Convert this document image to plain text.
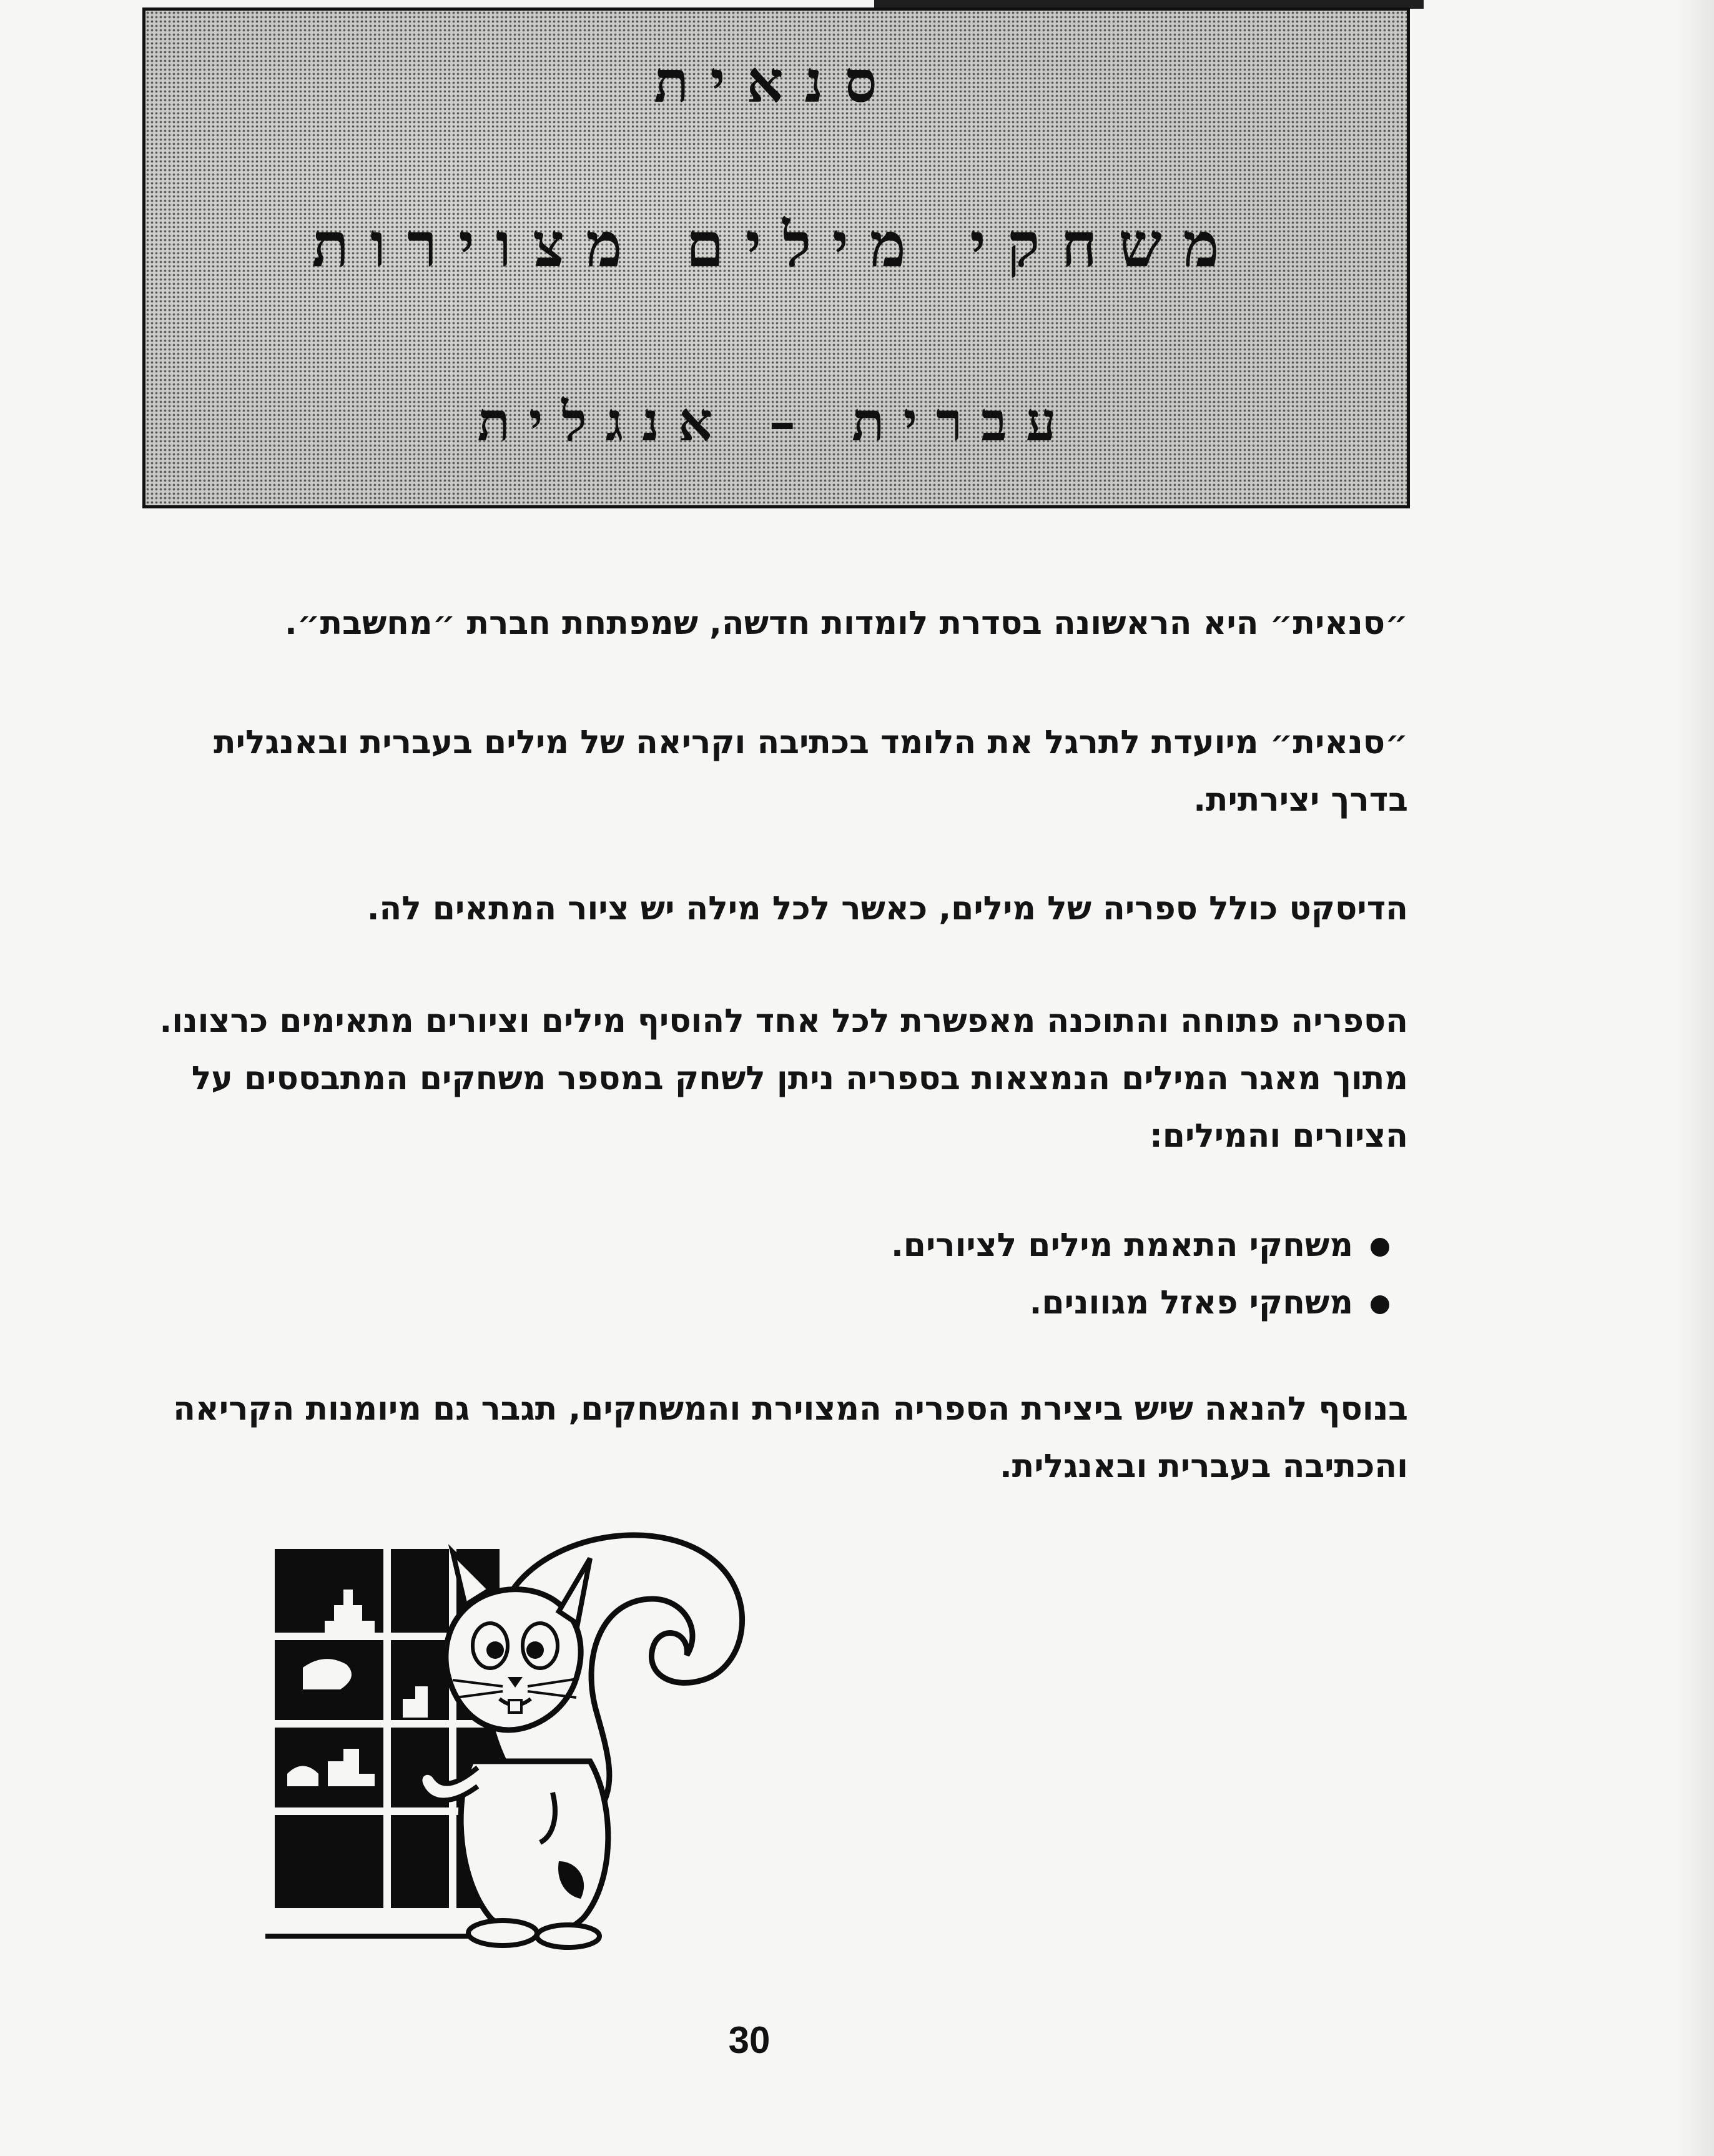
סנאית
משחקי מילים מצוירות
עברית – אנגלית
״סנאית״ היא הראשונה בסדרת לומדות חדשה, שמפתחת חברת ״מחשבת״.
״סנאית״ מיועדת לתרגל את הלומד בכתיבה וקריאה של מילים בעברית ובאנגלית
בדרך יצירתית.
הדיסקט כולל ספריה של מילים, כאשר לכל מילה יש ציור המתאים לה.
הספריה פתוחה והתוכנה מאפשרת לכל אחד להוסיף מילים וציורים מתאימים כרצונו.
מתוך מאגר המילים הנמצאות בספריה ניתן לשחק במספר משחקים המתבססים על
הציורים והמילים:
משחקי התאמת מילים לציורים.
משחקי פאזל מגוונים.
בנוסף להנאה שיש ביצירת הספריה המצוירת והמשחקים, תגבר גם מיומנות הקריאה
והכתיבה בעברית ובאנגלית.
30
